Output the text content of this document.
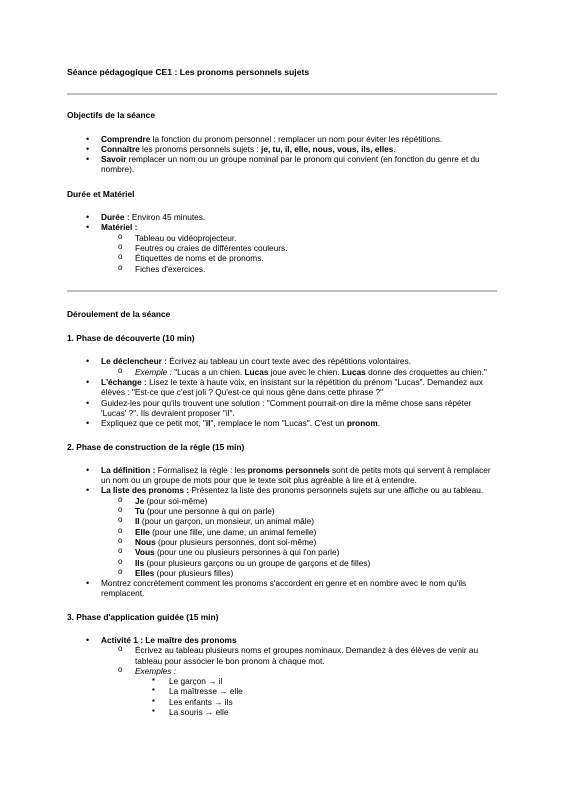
Séance pédagogique CE1 : Les pronoms personnels sujets

Objectifs de la séance
• Comprendre la fonction du pronom personnel : remplacer un nom pour éviter les répétitions.
• Connaître les pronoms personnels sujets : je, tu, il, elle, nous, vous, ils, elles.
• Savoir remplacer un nom ou un groupe nominal par le pronom qui convient (en fonction du genre et du nombre).
Durée et Matériel
• Durée : Environ 45 minutes.
• Matériel :
o Tableau ou vidéoprojecteur.
o Feutres ou craies de différentes couleurs.
o Étiquettes de noms et de pronoms.
o Fiches d'exercices.
Déroulement de la séance
1. Phase de découverte (10 min)
• Le déclencheur : Écrivez au tableau un court texte avec des répétitions volontaires.
o Exemple : "Lucas a un chien. Lucas joue avec le chien. Lucas donne des croquettes au chien."
• L'échange : Lisez le texte à haute voix, en insistant sur la répétition du prénom "Lucas". Demandez aux élèves : "Est-ce que c'est joli ? Qu'est-ce qui nous gêne dans cette phrase ?"
• Guidez-les pour qu'ils trouvent une solution : "Comment pourrait-on dire la même chose sans répéter 'Lucas' ?". Ils devraient proposer "il".
• Expliquez que ce petit mot, "il", remplace le nom "Lucas". C'est un pronom.
2. Phase de construction de la règle (15 min)
• La définition : Formalisez la règle : les pronoms personnels sont de petits mots qui servent à remplacer un nom ou un groupe de mots pour que le texte soit plus agréable à lire et à entendre.
• La liste des pronoms : Présentez la liste des pronoms personnels sujets sur une affiche ou au tableau.
o Je (pour soi-même)
o Tu (pour une personne à qui on parle)
o Il (pour un garçon, un monsieur, un animal mâle)
o Elle (pour une fille, une dame, un animal femelle)
o Nous (pour plusieurs personnes, dont soi-même)
o Vous (pour une ou plusieurs personnes à qui l'on parle)
o Ils (pour plusieurs garçons ou un groupe de garçons et de filles)
o Elles (pour plusieurs filles)
• Montrez concrètement comment les pronoms s'accordent en genre et en nombre avec le nom qu'ils remplacent.
3. Phase d'application guidée (15 min)
• Activité 1 : Le maître des pronoms
o Écrivez au tableau plusieurs noms et groupes nominaux. Demandez à des élèves de venir au tableau pour associer le bon pronom à chaque mot.
o Exemples :
▪ Le garçon → il
▪ La maîtresse → elle
▪ Les enfants → ils
▪ La souris → elle
